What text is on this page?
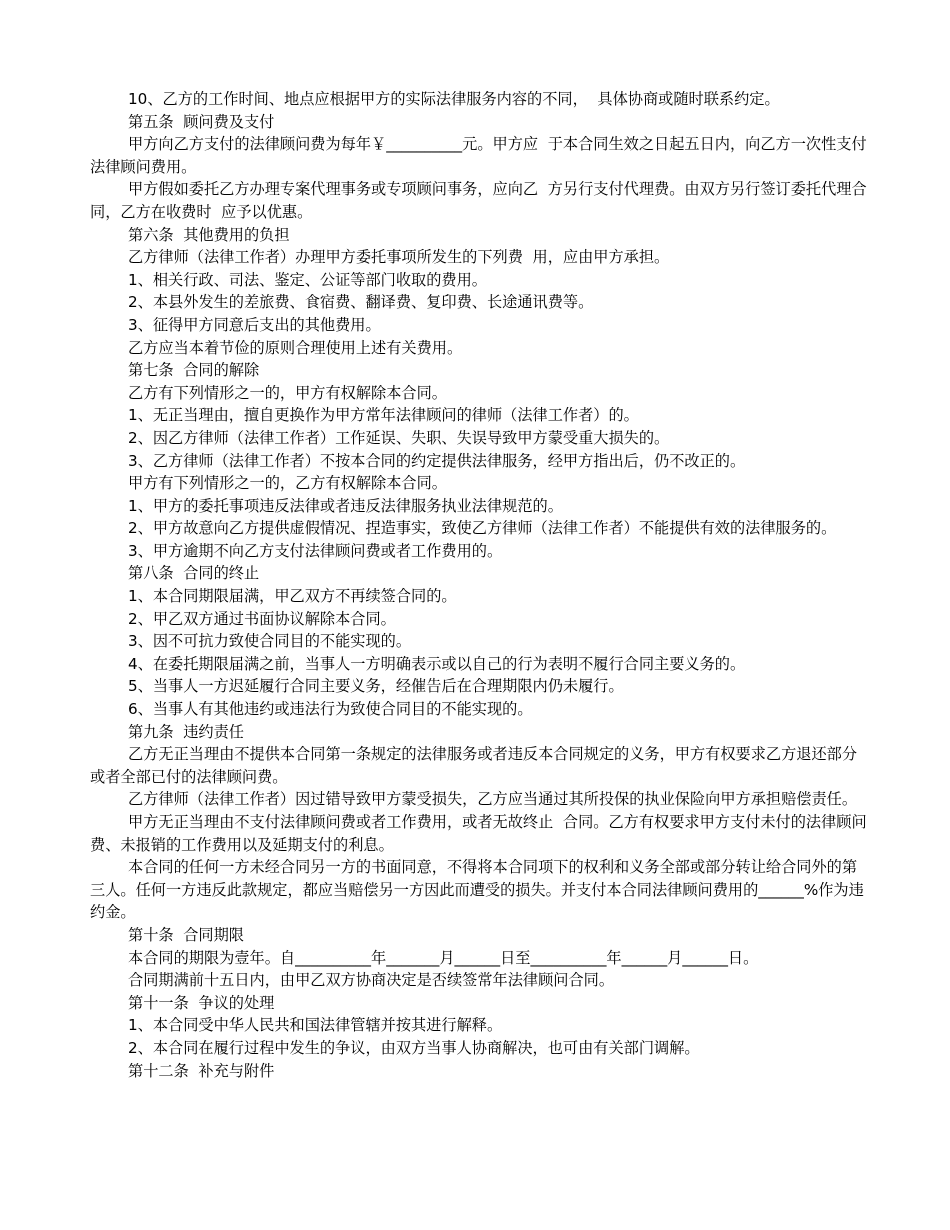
10、乙方的工作时间、地点应根据甲方的实际法律服务内容的不同，  具体协商或随时联系约定。

第五条  顾问费及支付

甲方向乙方支付的法律顾问费为每年￥__________元。甲方应  于本合同生效之日起五日内，向乙方一次性支付法律顾问费用。

甲方假如委托乙方办理专案代理事务或专项顾问事务，应向乙  方另行支付代理费。由双方另行签订委托代理合同，乙方在收费时  应予以优惠。

第六条  其他费用的负担

乙方律师（法律工作者）办理甲方委托事项所发生的下列费  用，应由甲方承担。

1、相关行政、司法、鉴定、公证等部门收取的费用。

2、本县外发生的差旅费、食宿费、翻译费、复印费、长途通讯费等。

3、征得甲方同意后支出的其他费用。

乙方应当本着节俭的原则合理使用上述有关费用。

第七条  合同的解除

乙方有下列情形之一的，甲方有权解除本合同。

1、无正当理由，擅自更换作为甲方常年法律顾问的律师（法律工作者）的。

2、因乙方律师（法律工作者）工作延误、失职、失误导致甲方蒙受重大损失的。

3、乙方律师（法律工作者）不按本合同的约定提供法律服务，经甲方指出后，仍不改正的。

甲方有下列情形之一的，乙方有权解除本合同。

1、甲方的委托事项违反法律或者违反法律服务执业法律规范的。

2、甲方故意向乙方提供虚假情况、捏造事实，致使乙方律师（法律工作者）不能提供有效的法律服务的。

3、甲方逾期不向乙方支付法律顾问费或者工作费用的。

第八条  合同的终止

1、本合同期限届满，甲乙双方不再续签合同的。

2、甲乙双方通过书面协议解除本合同。

3、因不可抗力致使合同目的不能实现的。

4、在委托期限届满之前，当事人一方明确表示或以自己的行为表明不履行合同主要义务的。

5、当事人一方迟延履行合同主要义务，经催告后在合理期限内仍未履行。

6、当事人有其他违约或违法行为致使合同目的不能实现的。

第九条  违约责任

乙方无正当理由不提供本合同第一条规定的法律服务或者违反本合同规定的义务，甲方有权要求乙方退还部分或者全部已付的法律顾问费。

乙方律师（法律工作者）因过错导致甲方蒙受损失，乙方应当通过其所投保的执业保险向甲方承担赔偿责任。

甲方无正当理由不支付法律顾问费或者工作费用，或者无故终止  合同。乙方有权要求甲方支付未付的法律顾问费、未报销的工作费用以及延期支付的利息。

本合同的任何一方未经合同另一方的书面同意，不得将本合同项下的权利和义务全部或部分转让给合同外的第三人。任何一方违反此款规定，都应当赔偿另一方因此而遭受的损失。并支付本合同法律顾问费用的______%作为违约金。

第十条  合同期限

本合同的期限为壹年。自__________年_______月______日至__________年______月______日。

合同期满前十五日内，由甲乙双方协商决定是否续签常年法律顾问合同。

第十一条  争议的处理

1、本合同受中华人民共和国法律管辖并按其进行解释。

2、本合同在履行过程中发生的争议，由双方当事人协商解决，也可由有关部门调解。

第十二条  补充与附件
